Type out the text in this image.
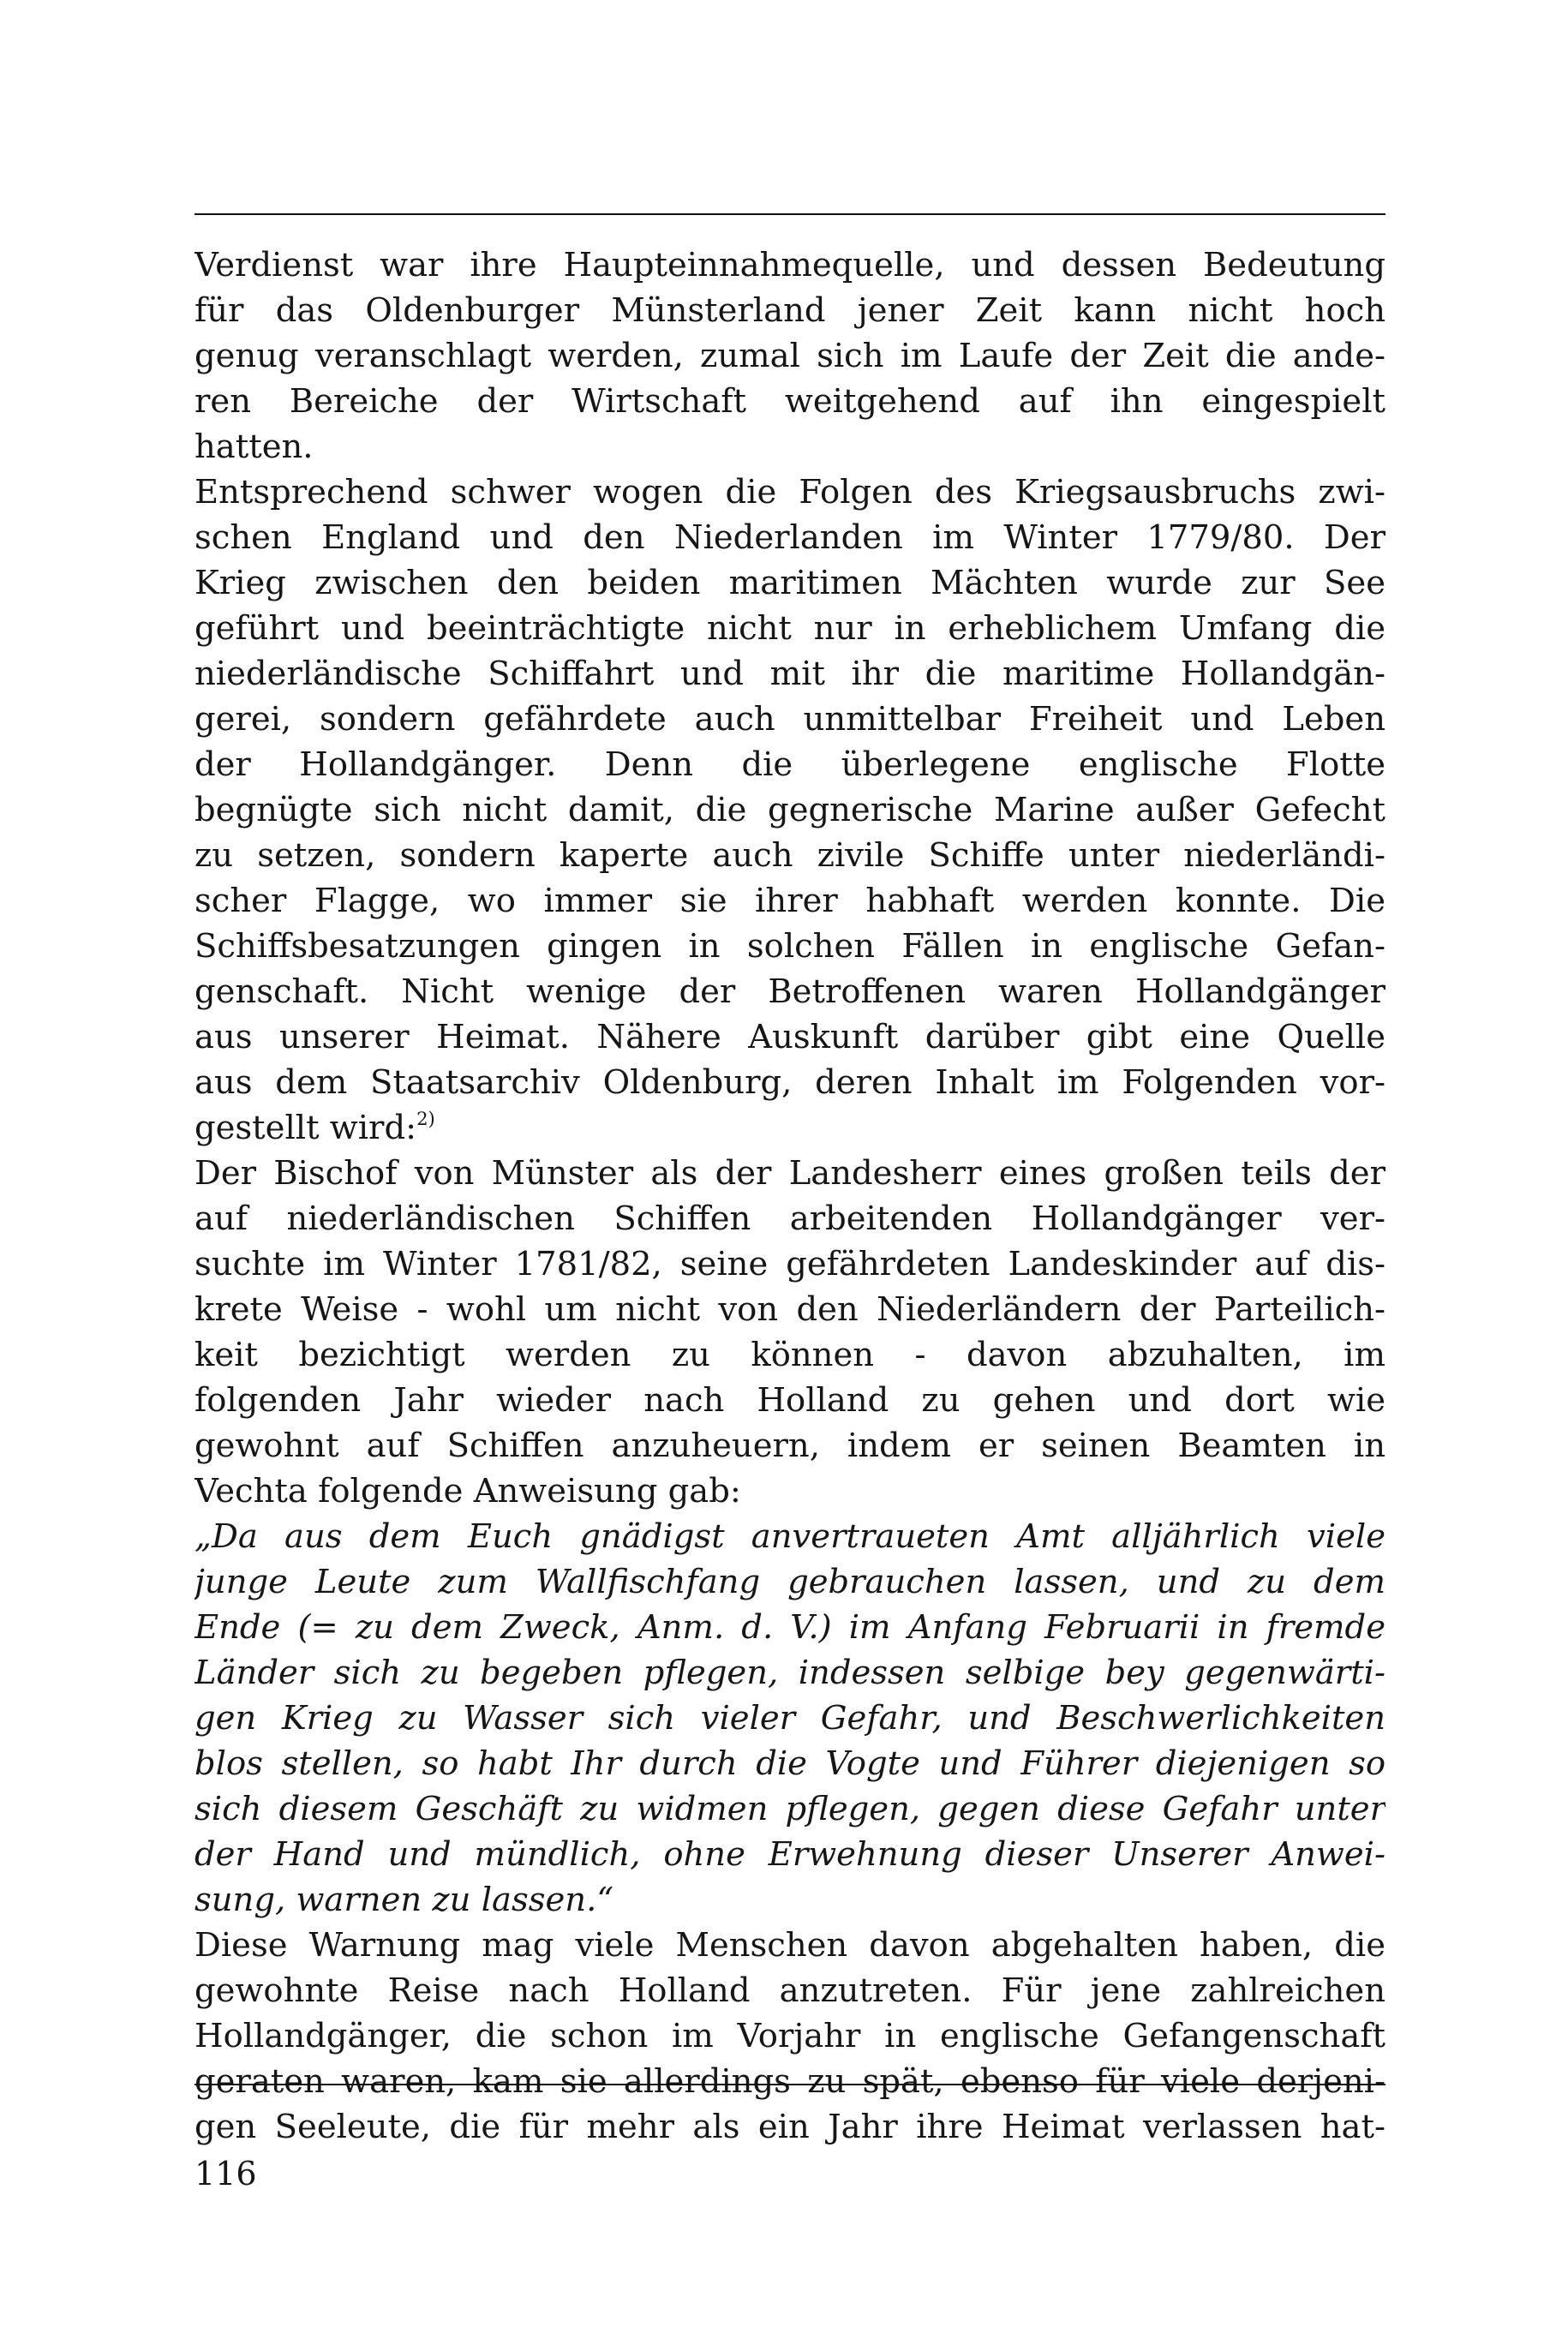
Verdienst war ihre Haupteinnahmequelle, und dessen Bedeutung
für das Oldenburger Münsterland jener Zeit kann nicht hoch
genug veranschlagt werden, zumal sich im Laufe der Zeit die ande-
ren Bereiche der Wirtschaft weitgehend auf ihn eingespielt
hatten.
Entsprechend schwer wogen die Folgen des Kriegsausbruchs zwi-
schen England und den Niederlanden im Winter 1779/80. Der
Krieg zwischen den beiden maritimen Mächten wurde zur See
geführt und beeinträchtigte nicht nur in erheblichem Umfang die
niederländische Schiffahrt und mit ihr die maritime Hollandgän-
gerei, sondern gefährdete auch unmittelbar Freiheit und Leben
der Hollandgänger. Denn die überlegene englische Flotte
begnügte sich nicht damit, die gegnerische Marine außer Gefecht
zu setzen, sondern kaperte auch zivile Schiffe unter niederländi-
scher Flagge, wo immer sie ihrer habhaft werden konnte. Die
Schiffsbesatzungen gingen in solchen Fällen in englische Gefan-
genschaft. Nicht wenige der Betroffenen waren Hollandgänger
aus unserer Heimat. Nähere Auskunft darüber gibt eine Quelle
aus dem Staatsarchiv Oldenburg, deren Inhalt im Folgenden vor-
gestellt wird:$^{2)}$
Der Bischof von Münster als der Landesherr eines großen teils der
auf niederländischen Schiffen arbeitenden Hollandgänger ver-
suchte im Winter 1781/82, seine gefährdeten Landeskinder auf dis-
krete Weise - wohl um nicht von den Niederländern der Parteilich-
keit bezichtigt werden zu können - davon abzuhalten, im
folgenden Jahr wieder nach Holland zu gehen und dort wie
gewohnt auf Schiffen anzuheuern, indem er seinen Beamten in
Vechta folgende Anweisung gab:
„Da aus dem Euch gnädigst anvertraueten Amt alljährlich viele
junge Leute zum Wallfischfang gebrauchen lassen, und zu dem
Ende (= zu dem Zweck, Anm. d. V.) im Anfang Februarii in fremde
Länder sich zu begeben pflegen, indessen selbige bey gegenwärti-
gen Krieg zu Wasser sich vieler Gefahr, und Beschwerlichkeiten
blos stellen, so habt Ihr durch die Vogte und Führer diejenigen so
sich diesem Geschäft zu widmen pflegen, gegen diese Gefahr unter
der Hand und mündlich, ohne Erwehnung dieser Unserer Anwei-
sung, warnen zu lassen.“
Diese Warnung mag viele Menschen davon abgehalten haben, die
gewohnte Reise nach Holland anzutreten. Für jene zahlreichen
Hollandgänger, die schon im Vorjahr in englische Gefangenschaft
geraten waren, kam sie allerdings zu spät, ebenso für viele derjeni-
gen Seeleute, die für mehr als ein Jahr ihre Heimat verlassen hat-
116
